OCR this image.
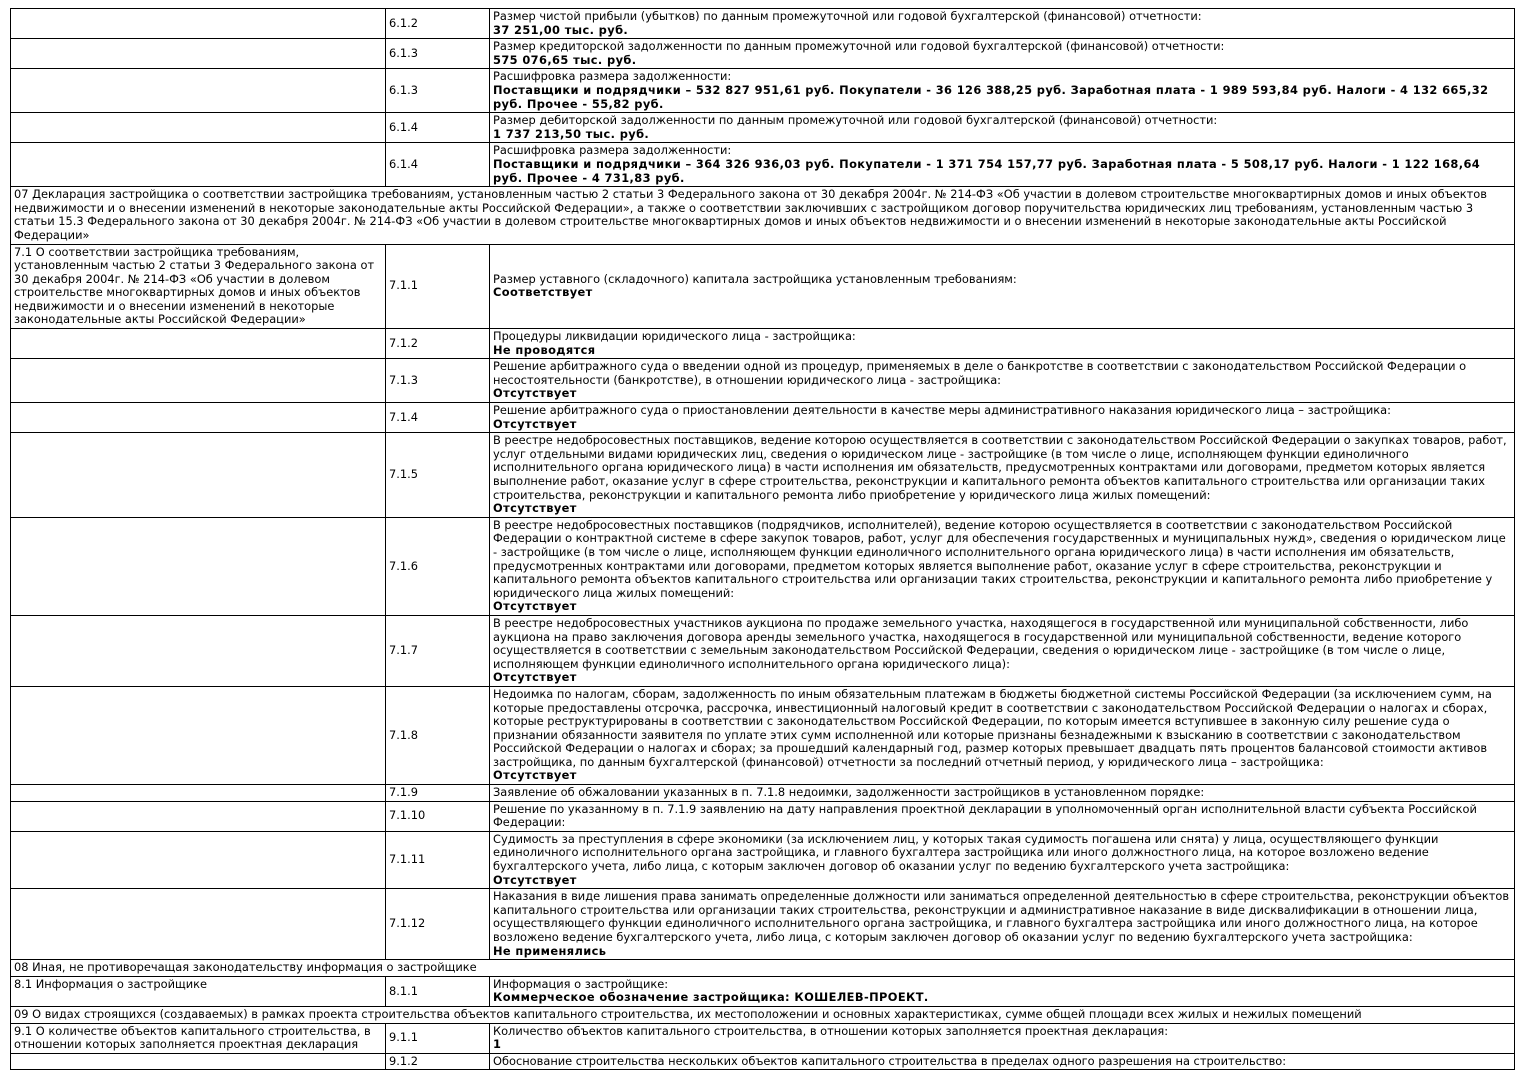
	6.1.2	Размер чистой прибыли (убытков) по данным промежуточной или годовой бухгалтерской (финансовой) отчетности:
37 251,00 тыс. руб.

	6.1.3	Размер кредиторской задолженности по данным промежуточной или годовой бухгалтерской (финансовой) отчетности:
575 076,65 тыс. руб.

	6.1.3	Расшифровка размера задолженности:
Поставщики и подрядчики – 532 827 951,61 руб. Покупатели - 36 126 388,25 руб. Заработная плата - 1 989 593,84 руб. Налоги - 4 132 665,32 руб. Прочее - 55,82 руб.

	6.1.4	Размер дебиторской задолженности по данным промежуточной или годовой бухгалтерской (финансовой) отчетности:
1 737 213,50 тыс. руб.

	6.1.4	Расшифровка размера задолженности:
Поставщики и подрядчики – 364 326 936,03 руб. Покупатели - 1 371 754 157,77 руб. Заработная плата - 5 508,17 руб. Налоги - 1 122 168,64 руб. Прочее - 4 731,83 руб.

07 Декларация застройщика о соответствии застройщика требованиям, установленным частью 2 статьи 3 Федерального закона от 30 декабря 2004г. № 214-ФЗ «Об участии в долевом строительстве многоквартирных домов и иных объектов недвижимости и о внесении изменений в некоторые законодательные акты Российской Федерации», а также о соответствии заключивших с застройщиком договор поручительства юридических лиц требованиям, установленным частью 3 статьи 15.3 Федерального закона от 30 декабря 2004г. № 214-ФЗ «Об участии в долевом строительстве многоквартирных домов и иных объектов недвижимости и о внесении изменений в некоторые законодательные акты Российской Федерации»		
7.1 О соответствии застройщика требованиям, установленным частью 2 статьи 3 Федерального закона от 30 декабря 2004г. № 214-ФЗ «Об участии в долевом строительстве многоквартирных домов и иных объектов недвижимости и о внесении изменений в некоторые законодательные акты Российской Федерации»	7.1.1	Размер уставного (складочного) капитала застройщика установленным требованиям:
Соответствует

	7.1.2	Процедуры ликвидации юридического лица - застройщика:
Не проводятся

	7.1.3	Решение арбитражного суда о введении одной из процедур, применяемых в деле о банкротстве в соответствии с законодательством Российской Федерации о несостоятельности (банкротстве), в отношении юридического лица - застройщика:
Отсутствует

	7.1.4	Решение арбитражного суда о приостановлении деятельности в качестве меры административного наказания юридического лица – застройщика:
Отсутствует

	7.1.5	В реестре недобросовестных поставщиков, ведение которою осуществляется в соответствии с законодательством Российской Федерации о закупках товаров, работ, услуг отдельными видами юридических лиц, сведения о юридическом лице - застройщике (в том числе о лице, исполняющем функции единоличного исполнительного органа юридического лица) в части исполнения им обязательств, предусмотренных контрактами или договорами, предметом которых является выполнение работ, оказание услуг в сфере строительства, реконструкции и капитального ремонта объектов капитального строительства или организации таких строительства, реконструкции и капитального ремонта либо приобретение у юридического лица жилых помещений:
Отсутствует

	7.1.6	В реестре недобросовестных поставщиков (подрядчиков, исполнителей), ведение которою осуществляется в соответствии с законодательством Российской Федерации о контрактной системе в сфере закупок товаров, работ, услуг для обеспечения государственных и муниципальных нужд», сведения о юридическом лице - застройщике (в том числе о лице, исполняющем функции единоличного исполнительного органа юридического лица) в части исполнения им обязательств, предусмотренных контрактами или договорами, предметом которых является выполнение работ, оказание услуг в сфере строительства, реконструкции и капитального ремонта объектов капитального строительства или организации таких строительства, реконструкции и капитального ремонта либо приобретение у юридического лица жилых помещений:
Отсутствует

	7.1.7	В реестре недобросовестных участников аукциона по продаже земельного участка, находящегося в государственной или муниципальной собственности, либо аукциона на право заключения договора аренды земельного участка, находящегося в государственной или муниципальной собственности, ведение которого осуществляется в соответствии с земельным законодательством Российской Федерации, сведения о юридическом лице - застройщике (в том числе о лице, исполняющем функции единоличного исполнительного органа юридического лица):
Отсутствует

	7.1.8	Недоимка по налогам, сборам, задолженность по иным обязательным платежам в бюджеты бюджетной системы Российской Федерации (за исключением сумм, на которые предоставлены отсрочка, рассрочка, инвестиционный налоговый кредит в соответствии с законодательством Российской Федерации о налогах и сборах, которые реструктурированы в соответствии с законодательством Российской Федерации, по которым имеется вступившее в законную силу решение суда о признании обязанности заявителя по уплате этих сумм исполненной или которые признаны безнадежными к взысканию в соответствии с законодательством Российской Федерации о налогах и сборах; за прошедший календарный год, размер которых превышает двадцать пять процентов балансовой стоимости активов застройщика, по данным бухгалтерской (финансовой) отчетности за последний отчетный период, у юридического лица – застройщика:
Отсутствует

	7.1.9	Заявление об обжаловании указанных в п. 7.1.8 недоимки, задолженности застройщиков в установленном порядке:

	7.1.10	Решение по указанному в п. 7.1.9 заявлению на дату направления проектной декларации в уполномоченный орган исполнительной власти субъекта Российской Федерации:

	7.1.11	Судимость за преступления в сфере экономики (за исключением лиц, у которых такая судимость погашена или снята) у лица, осуществляющего функции единоличного исполнительного органа застройщика, и главного бухгалтера застройщика или иного должностного лица, на которое возложено ведение бухгалтерского учета, либо лица, с которым заключен договор об оказании услуг по ведению бухгалтерского учета застройщика:
Отсутствует

	7.1.12	Наказания в виде лишения права занимать определенные должности или заниматься определенной деятельностью в сфере строительства, реконструкции объектов капитального строительства или организации таких строительства, реконструкции и административное наказание в виде дисквалификации в отношении лица, осуществляющего функции единоличного исполнительного органа застройщика, и главного бухгалтера застройщика или иного должностного лица, на которое возложено ведение бухгалтерского учета, либо лица, с которым заключен договор об оказании услуг по ведению бухгалтерского учета застройщика:
Не применялись

08 Иная, не противоречащая законодательству информация о застройщике		
8.1 Информация о застройщике	8.1.1	Информация о застройщике:
Коммерческое обозначение застройщика: КОШЕЛЕВ-ПРОЕКТ.

09 О видах строящихся (создаваемых) в рамках проекта строительства объектов капитального строительства, их местоположении и основных характеристиках, сумме общей площади всех жилых и нежилых помещений		
9.1 О количестве объектов капитального строительства, в отношении которых заполняется проектная декларация	9.1.1	Количество объектов капитального строительства, в отношении которых заполняется проектная декларация:
1

	9.1.2	Обоснование строительства нескольких объектов капитального строительства в пределах одного разрешения на строительство:
